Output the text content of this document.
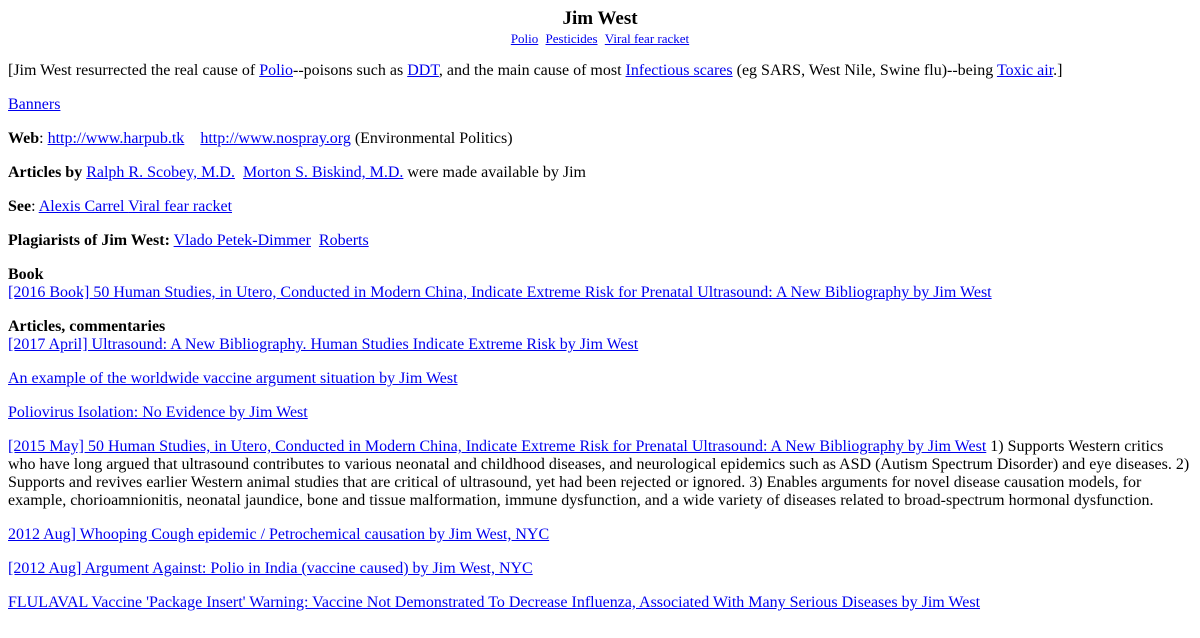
Jim West
Polio Pesticides Viral fear racket

[Jim West resurrected the real cause of Polio--poisons such as DDT, and the main cause of most Infectious scares (eg SARS, West Nile, Swine flu)--being Toxic air.]

Banners

Web: http://www.harpub.tk http://www.nospray.org (Environmental Politics)

Articles by Ralph R. Scobey, M.D. Morton S. Biskind, M.D. were made available by Jim

See: Alexis Carrel Viral fear racket

Plagiarists of Jim West: Vlado Petek-Dimmer Roberts

Book
[2016 Book] 50 Human Studies, in Utero, Conducted in Modern China, Indicate Extreme Risk for Prenatal Ultrasound: A New Bibliography by Jim West

Articles, commentaries
[2017 April] Ultrasound: A New Bibliography. Human Studies Indicate Extreme Risk by Jim West

An example of the worldwide vaccine argument situation by Jim West

Poliovirus Isolation: No Evidence by Jim West

[2015 May] 50 Human Studies, in Utero, Conducted in Modern China, Indicate Extreme Risk for Prenatal Ultrasound: A New Bibliography by Jim West 1) Supports Western critics who have long argued that ultrasound contributes to various neonatal and childhood diseases, and neurological epidemics such as ASD (Autism Spectrum Disorder) and eye diseases. 2) Supports and revives earlier Western animal studies that are critical of ultrasound, yet had been rejected or ignored. 3) Enables arguments for novel disease causation models, for example, chorioamnionitis, neonatal jaundice, bone and tissue malformation, immune dysfunction, and a wide variety of diseases related to broad-spectrum hormonal dysfunction.

2012 Aug] Whooping Cough epidemic / Petrochemical causation by Jim West, NYC

[2012 Aug] Argument Against: Polio in India (vaccine caused) by Jim West, NYC

FLULAVAL Vaccine 'Package Insert' Warning: Vaccine Not Demonstrated To Decrease Influenza, Associated With Many Serious Diseases by Jim West
